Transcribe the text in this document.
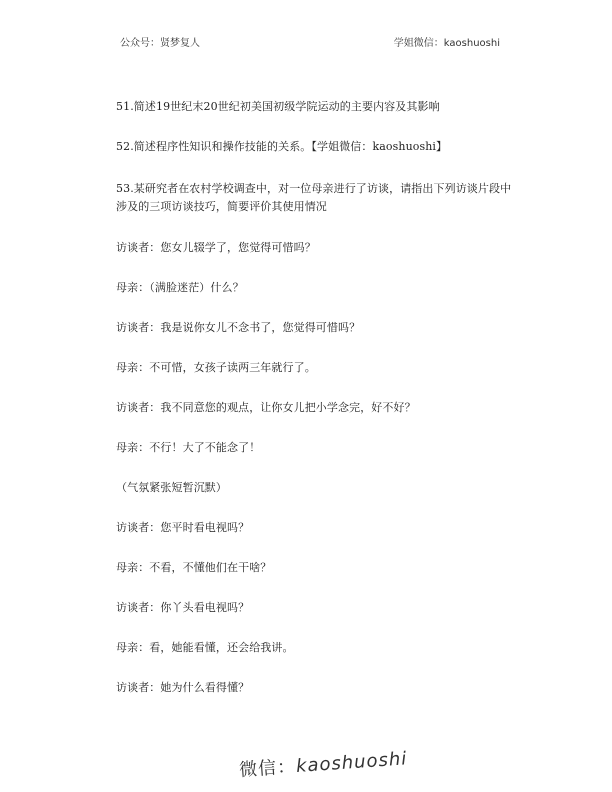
公众号：贤梦复人	学姐微信：kaoshuoshi
51.简述19世纪末20世纪初美国初级学院运动的主要内容及其影响
52.简述程序性知识和操作技能的关系。【学姐微信：kaoshuoshi】
53.某研究者在农村学校调查中，对一位母亲进行了访谈，请指出下列访谈片段中
涉及的三项访谈技巧，简要评价其使用情况
访谈者：您女儿辍学了，您觉得可惜吗？
母亲：（满脸迷茫）什么？
访谈者：我是说你女儿不念书了，您觉得可惜吗？
母亲：不可惜，女孩子读两三年就行了。
访谈者：我不同意您的观点，让你女儿把小学念完，好不好？
母亲：不行！大了不能念了！
（气氛紧张短暂沉默）
访谈者：您平时看电视吗？
母亲：不看，不懂他们在干啥？
访谈者：你丫头看电视吗？
母亲：看，她能看懂，还会给我讲。
访谈者：她为什么看得懂？
微信：kaoshuoshi
